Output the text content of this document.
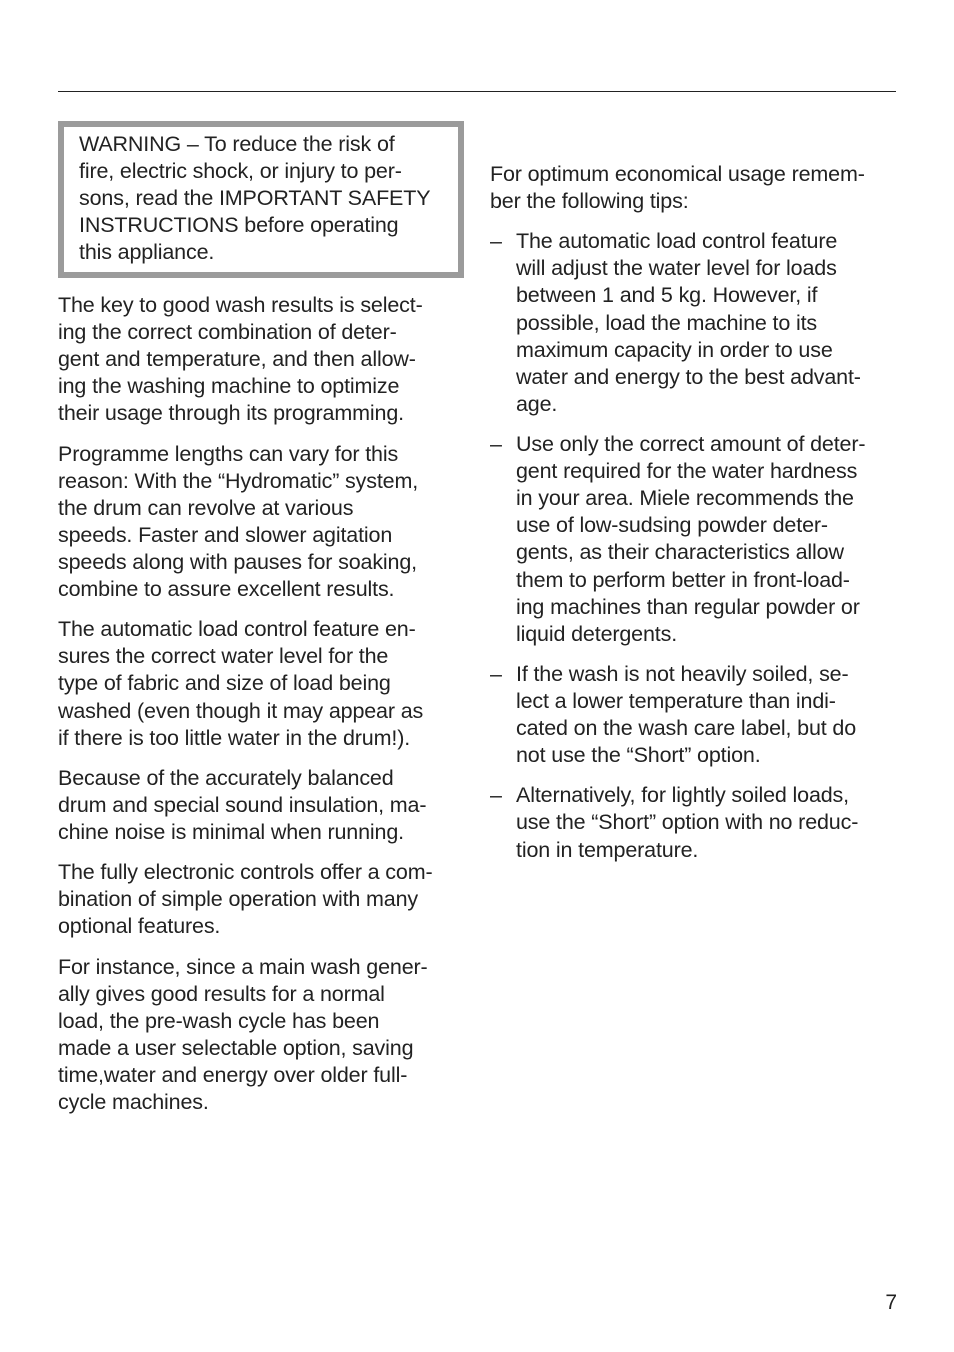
WARNING – To reduce the risk of
fire, electric shock, or injury to per-
sons, read the IMPORTANT SAFETY
INSTRUCTIONS before operating
this appliance.

The key to good wash results is select-
ing the correct combination of deter-
gent and temperature, and then allow-
ing the washing machine to optimize
their usage through its programming.

Programme lengths can vary for this
reason: With the “Hydromatic” system,
the drum can revolve at various
speeds. Faster and slower agitation
speeds along with pauses for soaking,
combine to assure excellent results.

The automatic load control feature en-
sures the correct water level for the
type of fabric and size of load being
washed (even though it may appear as
if there is too little water in the drum!).

Because of the accurately balanced
drum and special sound insulation, ma-
chine noise is minimal when running.

The fully electronic controls offer a com-
bination of simple operation with many
optional features.

For instance, since a main wash gener-
ally gives good results for a normal
load, the pre-wash cycle has been
made a user selectable option, saving
time,water and energy over older full-
cycle machines.

For optimum economical usage remem-
ber the following tips:

– The automatic load control feature
will adjust the water level for loads
between 1 and 5 kg. However, if
possible, load the machine to its
maximum capacity in order to use
water and energy to the best advant-
age.
– Use only the correct amount of deter-
gent required for the water hardness
in your area. Miele recommends the
use of low-sudsing powder deter-
gents, as their characteristics allow
them to perform better in front-load-
ing machines than regular powder or
liquid detergents.
– If the wash is not heavily soiled, se-
lect a lower temperature than indi-
cated on the wash care label, but do
not use the “Short” option.
– Alternatively, for lightly soiled loads,
use the “Short” option with no reduc-
tion in temperature.
7
